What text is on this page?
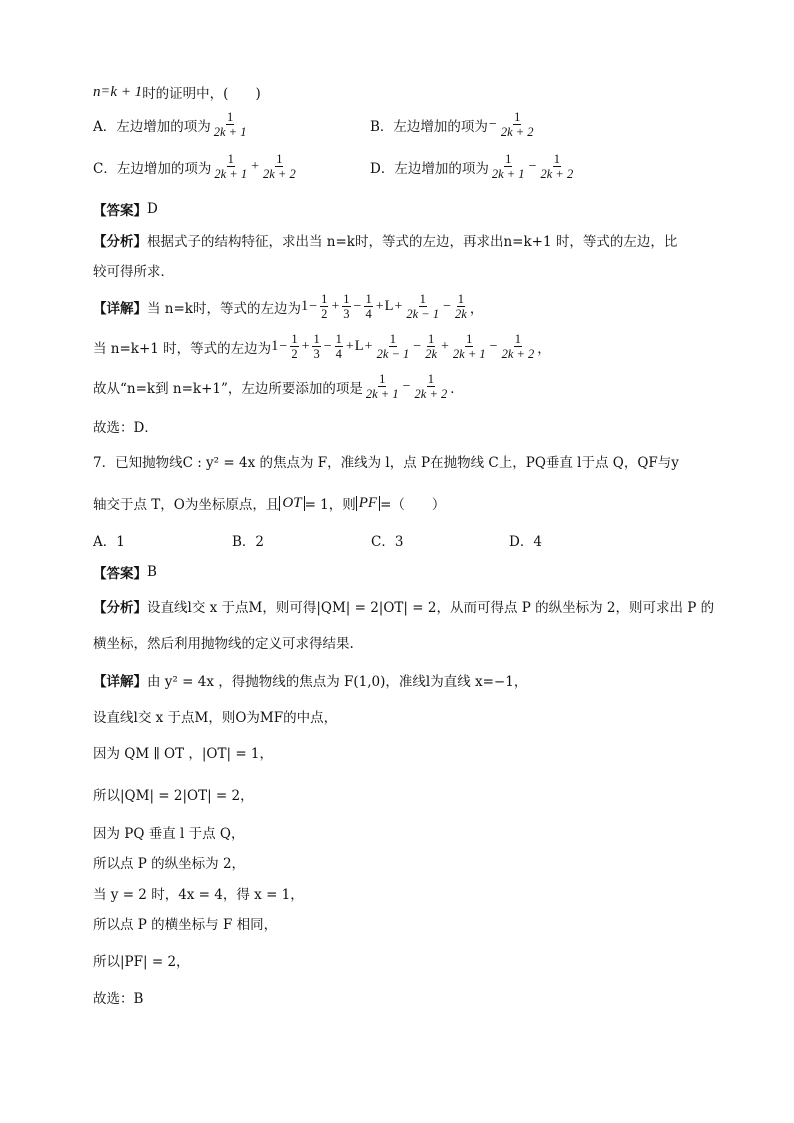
n = k + 1 时的证明中，(　　)
A．左边增加的项为 $\frac{1}{2k + 1}$	B．左边增加的项为 − $\frac{1}{2k + 2}$
C．左边增加的项为 $\frac{1}{2k + 1} + \frac{1}{2k + 2}$	D．左边增加的项为 $\frac{1}{2k + 1} - \frac{1}{2k + 2}$
【答案】 D
【分析】 根据式子的结构特征，求出当 n=k时，等式的左边，再求出n=k+1 时，等式的左边，比
较可得所求．
【详解】 当 n=k时，等式的左边为 $1 - \frac{1}{2} + \frac{1}{3} - \frac{1}{4} + L + \frac{1}{2k - 1} - \frac{1}{2k}$ ，
当 n=k+1 时，等式的左边为 $1 - \frac{1}{2} + \frac{1}{3} - \frac{1}{4} + L + \frac{1}{2k - 1} - \frac{1}{2k} + \frac{1}{2k + 1} - \frac{1}{2k + 2}$ ，
故从“n=k到 n=k+1”，左边所要添加的项是 $\frac{1}{2k + 1} - \frac{1}{2k + 2}$ ．
故选：D．
7．已知抛物线C : y² = 4x 的焦点为 F，准线为 l，点 P在抛物线 C上，PQ垂直 l于点 Q，QF与y
轴交于点 T，O为坐标原点，且 OT = 1，则 PF =（　　）
A．1	B．2	C．3	D．4
【答案】 B
【分析】 设直线l交 x 于点M，则可得|QM| = 2|OT| = 2，从而可得点 P 的纵坐标为 2，则可求出 P 的
横坐标，然后利用抛物线的定义可求得结果.
【详解】 由 y² = 4x ，得抛物线的焦点为 F(1,0)，准线l为直线 x=−1，
设直线l交 x 于点M，则O为MF的中点，
因为 QM ∥ OT ，|OT| = 1，
所以|QM| = 2|OT| = 2，
因为 PQ 垂直 l 于点 Q，
所以点 P 的纵坐标为 2，
当 y = 2 时，4x = 4，得 x = 1，
所以点 P 的横坐标与 F 相同，
所以|PF| = 2，
故选：B
